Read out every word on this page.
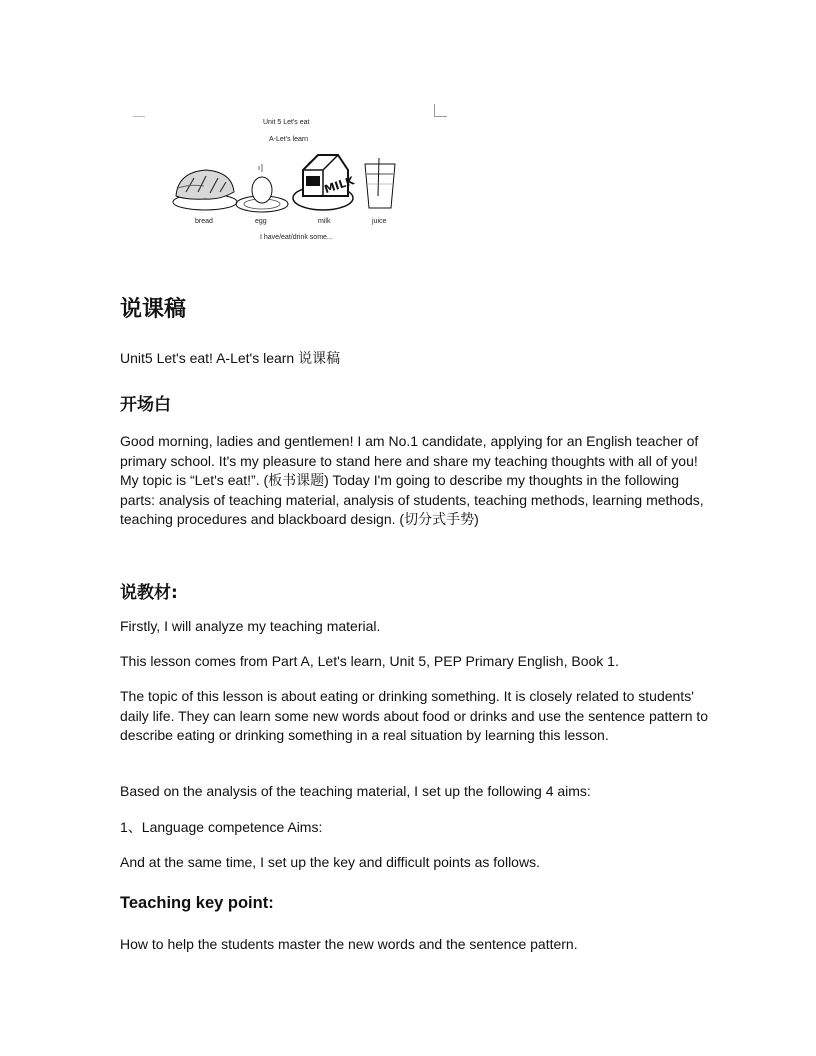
Unit 5 Let's eat
A-Let's learn
MILK
bread	egg	milk	juice
I have/eat/drink some...
说课稿
Unit5 Let's eat! A-Let's learn 说课稿
开场白
Good morning, ladies and gentlemen! I am No.1 candidate, applying for an English teacher of primary school. It's my pleasure to stand here and share my teaching thoughts with all of you! My topic is “Let's eat!”. (板书课题) Today I'm going to describe my thoughts in the following parts: analysis of teaching material, analysis of students, teaching methods, learning methods, teaching procedures and blackboard design. (切分式手势)
说教材:
Firstly, I will analyze my teaching material.
This lesson comes from Part A, Let's learn, Unit 5, PEP Primary English, Book 1.
The topic of this lesson is about eating or drinking something. It is closely related to students' daily life. They can learn some new words about food or drinks and use the sentence pattern to describe eating or drinking something in a real situation by learning this lesson.
Based on the analysis of the teaching material, I set up the following 4 aims:
1、Language competence Aims:
And at the same time, I set up the key and difficult points as follows.
Teaching key point:
How to help the students master the new words and the sentence pattern.
